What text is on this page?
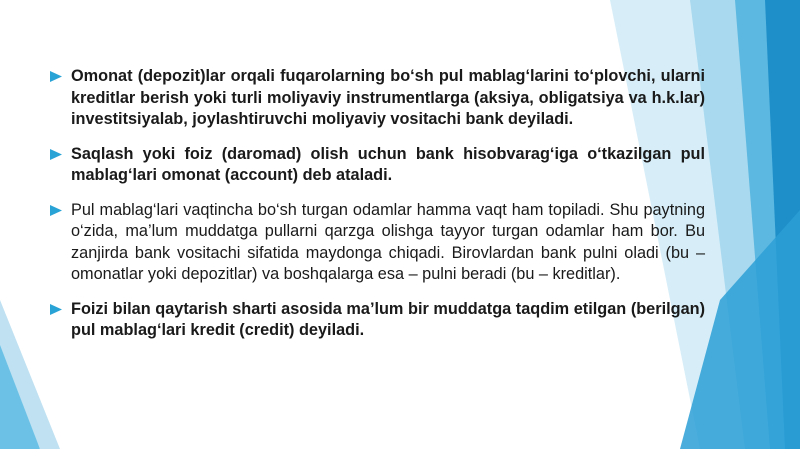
Omonat (depozit)lar orqali fuqarolarning bo‘sh pul mablag‘larini to‘plovchi, ularni kreditlar berish yoki turli moliyaviy instrumentlarga (aksiya, obligatsiya va h.k.lar) investitsiyalab, joylashtiruvchi moliyaviy vositachi bank deyiladi.
Saqlash yoki foiz (daromad) olish uchun bank hisobvarag‘iga o‘tkazilgan pul mablag‘lari omonat (account) deb ataladi.
Pul mablag‘lari vaqtincha bo‘sh turgan odamlar hamma vaqt ham topiladi. Shu paytning o‘zida, ma’lum muddatga pullarni qarzga olishga tayyor turgan odamlar ham bor. Bu zanjirda bank vositachi sifatida maydonga chiqadi. Birovlardan bank pulni oladi (bu – omonatlar yoki depozitlar) va boshqalarga esa – pulni beradi (bu – kreditlar).
Foizi bilan qaytarish sharti asosida ma’lum bir muddatga taqdim etilgan (berilgan) pul mablag‘lari kredit (credit) deyiladi.
